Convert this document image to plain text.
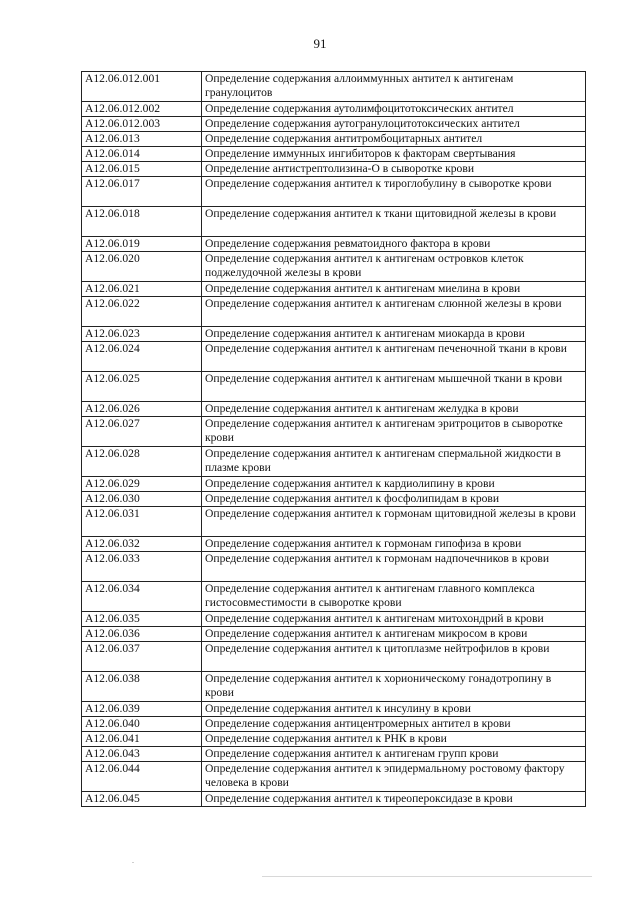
91
A12.06.012.001	Определение содержания аллоиммунных антител к антигенам гранулоцитов
A12.06.012.002	Определение содержания аутолимфоцитотоксических антител
A12.06.012.003	Определение содержания аутогранулоцитотоксических антител
A12.06.013	Определение содержания антитромбоцитарных антител
A12.06.014	Определение иммунных ингибиторов к факторам свертывания
A12.06.015	Определение антистрептолизина-О в сыворотке крови
A12.06.017	Определение содержания антител к тироглобулину в сыворотке крови
A12.06.018	Определение содержания антител к ткани щитовидной железы в крови
A12.06.019	Определение содержания ревматоидного фактора в крови
A12.06.020	Определение содержания антител к антигенам островков клеток поджелудочной железы в крови
A12.06.021	Определение содержания антител к антигенам миелина в крови
A12.06.022	Определение содержания антител к антигенам слюнной железы в крови
A12.06.023	Определение содержания антител к антигенам миокарда в крови
A12.06.024	Определение содержания антител к антигенам печеночной ткани в крови
A12.06.025	Определение содержания антител к антигенам мышечной ткани в крови
A12.06.026	Определение содержания антител к антигенам желудка в крови
A12.06.027	Определение содержания антител к антигенам эритроцитов в сыворотке крови
A12.06.028	Определение содержания антител к антигенам спермальной жидкости в плазме крови
A12.06.029	Определение содержания антител к кардиолипину в крови
A12.06.030	Определение содержания антител к фосфолипидам в крови
A12.06.031	Определение содержания антител к гормонам щитовидной железы в крови
A12.06.032	Определение содержания антител к гормонам гипофиза в крови
A12.06.033	Определение содержания антител к гормонам надпочечников в крови
A12.06.034	Определение содержания антител к антигенам главного комплекса гистосовместимости в сыворотке крови
A12.06.035	Определение содержания антител к антигенам митохондрий в крови
A12.06.036	Определение содержания антител к антигенам микросом в крови
A12.06.037	Определение содержания антител к цитоплазме нейтрофилов в крови
A12.06.038	Определение содержания антител к хорионическому гонадотропину в крови
A12.06.039	Определение содержания антител к инсулину в крови
A12.06.040	Определение содержания антицентромерных антител в крови
A12.06.041	Определение содержания антител к РНК в крови
A12.06.043	Определение содержания антител к антигенам групп крови
A12.06.044	Определение содержания антител к эпидермальному ростовому фактору человека в крови
A12.06.045	Определение содержания антител к тиреопероксидазе в крови
